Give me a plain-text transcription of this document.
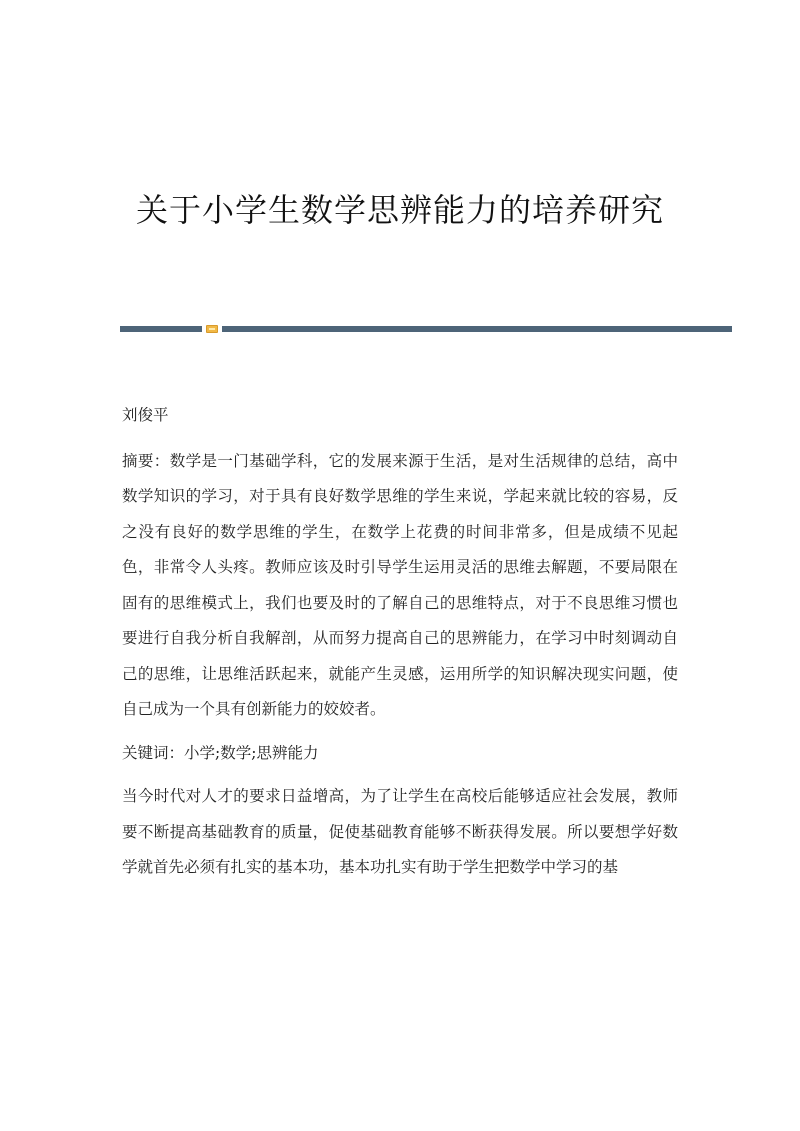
关于小学生数学思辨能力的培养研究

刘俊平

摘要：数学是一门基础学科，它的发展来源于生活，是对生活规律的总结，高中数学知识的学习，对于具有良好数学思维的学生来说，学起来就比较的容易，反之没有良好的数学思维的学生，在数学上花费的时间非常多，但是成绩不见起色，非常令人头疼。教师应该及时引导学生运用灵活的思维去解题，不要局限在固有的思维模式上，我们也要及时的了解自己的思维特点，对于不良思维习惯也要进行自我分析自我解剖，从而努力提高自己的思辨能力，在学习中时刻调动自己的思维，让思维活跃起来，就能产生灵感，运用所学的知识解决现实问题，使自己成为一个具有创新能力的姣姣者。

关键词：小学;数学;思辨能力

当今时代对人才的要求日益增高，为了让学生在高校后能够适应社会发展，教师要不断提高基础教育的质量，促使基础教育能够不断获得发展。所以要想学好数学就首先必须有扎实的基本功，基本功扎实有助于学生把数学中学习的基
